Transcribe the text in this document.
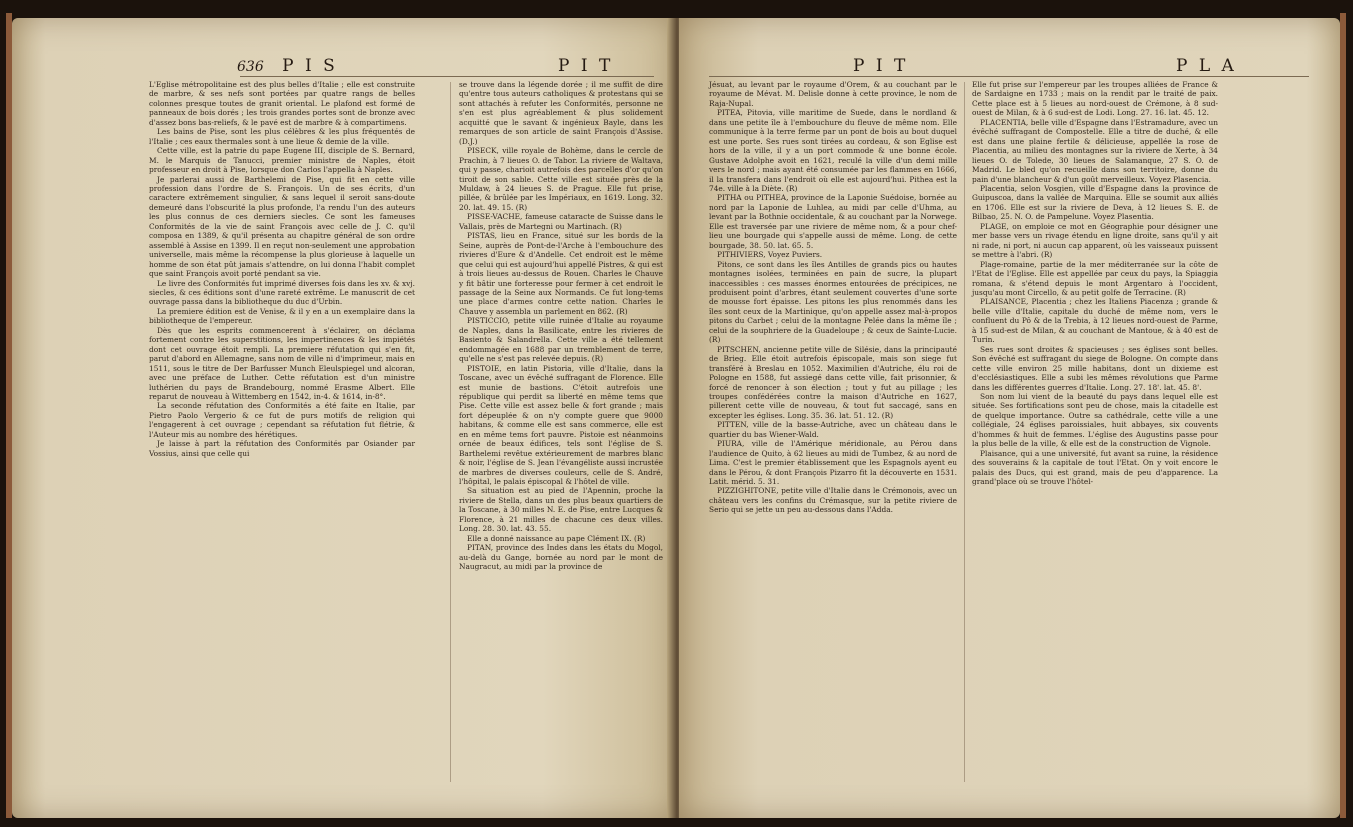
636 P I S	P I T

L'Eglise métropolitaine est des plus belles d'Italie ; elle est construite de marbre, & ses nefs sont portées par quatre rangs de belles colonnes presque toutes de granit oriental. Le plafond est formé de panneaux de bois dorés ; les trois grandes portes sont de bronze avec d'assez bons bas-reliefs, & le pavé est de marbre & à compartimens.

Les bains de Pise, sont les plus célèbres & les plus fréquentés de l'Italie ; ces eaux thermales sont à une lieue & demie de la ville.

Cette ville, est la patrie du pape Eugene III, disciple de S. Bernard, M. le Marquis de Tanucci, premier ministre de Naples, étoit professeur en droit à Pise, lorsque don Carlos l'appella à Naples.

Je parlerai aussi de Barthelemi de Pise, qui fit en cette ville profession dans l'ordre de S. François. Un de ses écrits, d'un caractere extrêmement singulier, & sans lequel il seroit sans-doute demeuré dans l'obscurité la plus profonde, l'a rendu l'un des auteurs les plus connus de ces derniers siecles. Ce sont les fameuses Conformités de la vie de saint François avec celle de J. C. qu'il composa en 1389, & qu'il présenta au chapitre général de son ordre assemblé à Assise en 1399. Il en reçut non-seulement une approbation universelle, mais même la récompense la plus glorieuse à laquelle un homme de son état pût jamais s'attendre, on lui donna l'habit complet que saint François avoit porté pendant sa vie.

Le livre des Conformités fut imprimé diverses fois dans les xv. & xvj. siecles, & ces éditions sont d'une rareté extrême. Le manuscrit de cet ouvrage passa dans la bibliotheque du duc d'Urbin.

La premiere édition est de Venise, & il y en a un exemplaire dans la bibliotheque de l'empereur.

Dès que les esprits commencerent à s'éclairer, on déclama fortement contre les superstitions, les impertinences & les impiétés dont cet ouvrage étoit rempli. La premiere réfutation qui s'en fit, parut d'abord en Allemagne, sans nom de ville ni d'imprimeur, mais en 1511, sous le titre de Der Barfusser Munch Eleulspiegel und alcoran, avec une préface de Luther. Cette réfutation est d'un ministre luthérien du pays de Brandebourg, nommé Erasme Albert. Elle reparut de nouveau à Wittemberg en 1542, in-4. & 1614, in-8°.

La seconde réfutation des Conformités a été faite en Italie, par Pietro Paolo Vergerio & ce fut de purs motifs de religion qui l'engagerent à cet ouvrage ; cependant sa réfutation fut flétrie, & l'Auteur mis au nombre des hérétiques.

Je laisse à part la réfutation des Conformités par Osiander par Vossius, ainsi que celle qui

se trouve dans la légende dorée ; il me suffit de dire qu'entre tous auteurs catholiques & protestans qui se sont attachés à refuter les Conformités, personne ne s'en est plus agréablement & plus solidement acquitté que le savant & ingénieux Bayle, dans les remarques de son article de saint François d'Assise. (D.J.)

PISECK, ville royale de Bohème, dans le cercle de Prachin, à 7 lieues O. de Tabor. La riviere de Waltava, qui y passe, charioit autrefois des parcelles d'or qu'on tiroit de son sable. Cette ville est située près de la Muldaw, à 24 lieues S. de Prague. Elle fut prise, pillée, & brûlée par les Impériaux, en 1619. Long. 32. 20. lat. 49. 15. (R)

PISSE-VACHE, fameuse cataracte de Suisse dans le Vallais, près de Martegni ou Martinach. (R)

PISTAS, lieu en France, situé sur les bords de la Seine, auprès de Pont-de-l'Arche à l'embouchure des rivieres d'Eure & d'Andelle. Cet endroit est le même que celui qui est aujourd'hui appellé Pistres, & qui est à trois lieues au-dessus de Rouen. Charles le Chauve y fit bâtir une forteresse pour fermer à cet endroit le passage de la Seine aux Normands. Ce fut long-tems une place d'armes contre cette nation. Charles le Chauve y assembla un parlement en 862. (R)

PISTICCIO, petite ville ruinée d'Italie au royaume de Naples, dans la Basilicate, entre les rivieres de Basiento & Salandrella. Cette ville a été tellement endommagée en 1688 par un tremblement de terre, qu'elle ne s'est pas relevée depuis. (R)

PISTOIE, en latin Pistoria, ville d'Italie, dans la Toscane, avec un évêché suffragant de Florence. Elle est munie de bastions. C'étoit autrefois une république qui perdit sa liberté en même tems que Pise. Cette ville est assez belle & fort grande ; mais fort dépeuplée & on n'y compte guere que 9000 habitans, & comme elle est sans commerce, elle est en en même tems fort pauvre. Pistoie est néanmoins ornée de beaux édifices, tels sont l'église de S. Barthelemi revêtue extérieurement de marbres blanc & noir, l'église de S. Jean l'évangéliste aussi incrustée de marbres de diverses couleurs, celle de S. André, l'hôpital, le palais épiscopal & l'hôtel de ville.

Sa situation est au pied de l'Apennin, proche la riviere de Stella, dans un des plus beaux quartiers de la Toscane, à 30 milles N. E. de Pise, entre Lucques & Florence, à 21 milles de chacune ces deux villes. Long. 28. 30. lat. 43. 55.

Elle a donné naissance au pape Clément IX. (R)

PITAN, province des Indes dans les états du Mogol, au-delà du Gange, bornée au nord par le mont de Naugracut, au midi par la province de

P I T	P L A

Jésuat, au levant par le royaume d'Orem, & au couchant par le royaume de Mévat. M. Delisle donne à cette province, le nom de Raja-Nupal.

PITEA, Pitovia, ville maritime de Suede, dans le nordland & dans une petite île à l'embouchure du fleuve de même nom. Elle communique à la terre ferme par un pont de bois au bout duquel est une porte. Ses rues sont tirées au cordeau, & son Eglise est hors de la ville, il y a un port commode & une bonne école. Gustave Adolphe avoit en 1621, reculé la ville d'un demi mille vers le nord ; mais ayant été consumée par les flammes en 1666, il la transfera dans l'endroit où elle est aujourd'hui. Pithea est la 74e. ville à la Diète. (R)

PITHA ou PITHEA, province de la Laponie Suédoise, bornée au nord par la Laponie de Luhlea, au midi par celle d'Uhma, au levant par la Bothnie occidentale, & au couchant par la Norwege. Elle est traversée par une riviere de même nom, & a pour chef-lieu une bourgade qui s'appelle aussi de même. Long. de cette bourgade, 38. 50. lat. 65. 5.

PITHIVIERS, Voyez Puviers.

Pitons, ce sont dans les îles Antilles de grands pics ou hautes montagnes isolées, terminées en pain de sucre, la plupart inaccessibles : ces masses énormes entourées de précipices, ne produisent point d'arbres, étant seulement couvertes d'une sorte de mousse fort épaisse. Les pitons les plus renommés dans les îles sont ceux de la Martinique, qu'on appelle assez mal-à-propos pitons du Carbet ; celui de la montagne Pelée dans la même île ; celui de la souphriere de la Guadeloupe ; & ceux de Sainte-Lucie. (R)

PITSCHEN, ancienne petite ville de Silésie, dans la principauté de Brieg. Elle étoit autrefois épiscopale, mais son siege fut transféré à Breslau en 1052. Maximilien d'Autriche, élu roi de Pologne en 1588, fut assiegé dans cette ville, fait prisonnier, & forcé de renoncer à son élection ; tout y fut au pillage ; les troupes confédérées contre la maison d'Autriche en 1627, pillerent cette ville de nouveau, & tout fut saccagé, sans en excepter les églises. Long. 35. 36. lat. 51. 12. (R)

PITTEN, ville de la basse-Autriche, avec un château dans le quartier du bas Wiener-Wald.

PIURA, ville de l'Amérique méridionale, au Pérou dans l'audience de Quito, à 62 lieues au midi de Tumbez, & au nord de Lima. C'est le premier établissement que les Espagnols ayent eu dans le Pérou, & dont François Pizarro fit la découverte en 1531. Latit. mérid. 5. 31.

PIZZIGHITONE, petite ville d'Italie dans le Crémonois, avec un château vers les confins du Crémasque, sur la petite riviere de Serio qui se jette un peu au-dessous dans l'Adda.

Elle fut prise sur l'empereur par les troupes alliées de France & de Sardaigne en 1733 ; mais on la rendit par le traité de paix. Cette place est à 5 lieues au nord-ouest de Crémone, à 8 sud-ouest de Milan, & à 6 sud-est de Lodi. Long. 27. 16. lat. 45. 12.

PLACENTIA, belle ville d'Espagne dans l'Estramadure, avec un évêché suffragant de Compostelle. Elle a titre de duché, & elle est dans une plaine fertile & délicieuse, appellée la rose de Placentia, au milieu des montagnes sur la riviere de Xerte, à 34 lieues O. de Tolede, 30 lieues de Salamanque, 27 S. O. de Madrid. Le bled qu'on recueille dans son territoire, donne du pain d'une blancheur & d'un goût merveilleux. Voyez Plasencia.

Placentia, selon Vosgien, ville d'Espagne dans la province de Guipuscoa, dans la vallée de Marquina. Elle se soumit aux alliés en 1706. Elle est sur la riviere de Deva, à 12 lieues S. E. de Bilbao, 25. N. O. de Pampelune. Voyez Plasentia.

PLAGE, on emploie ce mot en Géographie pour désigner une mer basse vers un rivage étendu en ligne droite, sans qu'il y ait ni rade, ni port, ni aucun cap apparent, où les vaisseaux puissent se mettre à l'abri. (R)

Plage-romaine, partie de la mer méditerranée sur la côte de l'Etat de l'Eglise. Elle est appellée par ceux du pays, la Spiaggia romana, & s'étend depuis le mont Argentaro à l'occident, jusqu'au mont Circello, & au petit golfe de Terracine. (R)

PLAISANCE, Placentia ; chez les Italiens Piacenza ; grande & belle ville d'Italie, capitale du duché de même nom, vers le confluent du Pô & de la Trebia, à 12 lieues nord-ouest de Parme, à 15 sud-est de Milan, & au couchant de Mantoue, & à 40 est de Turin.

Ses rues sont droites & spacieuses ; ses églises sont belles. Son évêché est suffragant du siege de Bologne. On compte dans cette ville environ 25 mille habitans, dont un dixieme est d'ecclésiastiques. Elle a subi les mêmes révolutions que Parme dans les différentes guerres d'Italie. Long. 27. 18'. lat. 45. 8'.

Son nom lui vient de la beauté du pays dans lequel elle est située. Ses fortifications sont peu de chose, mais la citadelle est de quelque importance. Outre sa cathédrale, cette ville a une collégiale, 24 églises paroissiales, huit abbayes, six couvents d'hommes & huit de femmes. L'église des Augustins passe pour la plus belle de la ville, & elle est de la construction de Vignole.

Plaisance, qui a une université, fut avant sa ruine, la résidence des souverains & la capitale de tout l'Etat. On y voit encore le palais des Ducs, qui est grand, mais de peu d'apparence. La grand'place où se trouve l'hôtel-
